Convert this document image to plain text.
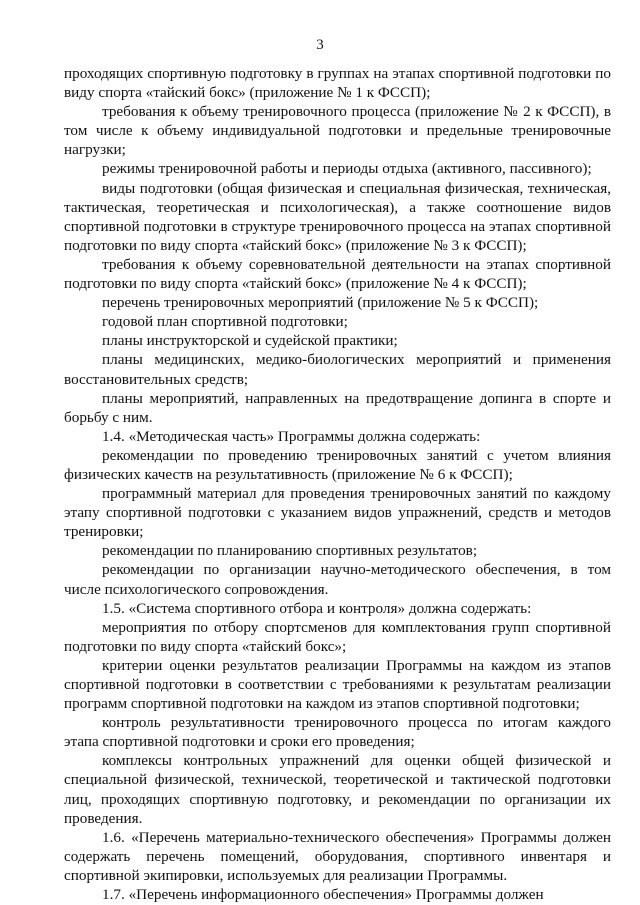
3

проходящих спортивную подготовку в группах на этапах спортивной подготовки по виду спорта «тайский бокс» (приложение № 1 к ФССП);

требования к объему тренировочного процесса (приложение № 2 к ФССП), в том числе к объему индивидуальной подготовки и предельные тренировочные нагрузки;

режимы тренировочной работы и периоды отдыха (активного, пассивного);

виды подготовки (общая физическая и специальная физическая, техническая, тактическая, теоретическая и психологическая), а также соотношение видов спортивной подготовки в структуре тренировочного процесса на этапах спортивной подготовки по виду спорта «тайский бокс» (приложение № 3 к ФССП);

требования к объему соревновательной деятельности на этапах спортивной подготовки по виду спорта «тайский бокс» (приложение № 4 к ФССП);

перечень тренировочных мероприятий (приложение № 5 к ФССП);

годовой план спортивной подготовки;

планы инструкторской и судейской практики;

планы медицинских, медико-биологических мероприятий и применения восстановительных средств;

планы мероприятий, направленных на предотвращение допинга в спорте и борьбу с ним.

1.4. «Методическая часть» Программы должна содержать:

рекомендации по проведению тренировочных занятий с учетом влияния физических качеств на результативность (приложение № 6 к ФССП);

программный материал для проведения тренировочных занятий по каждому этапу спортивной подготовки с указанием видов упражнений, средств и методов тренировки;

рекомендации по планированию спортивных результатов;

рекомендации по организации научно-методического обеспечения, в том числе психологического сопровождения.

1.5. «Система спортивного отбора и контроля» должна содержать:

мероприятия по отбору спортсменов для комплектования групп спортивной подготовки по виду спорта «тайский бокс»;

критерии оценки результатов реализации Программы на каждом из этапов спортивной подготовки в соответствии с требованиями к результатам реализации программ спортивной подготовки на каждом из этапов спортивной подготовки;

контроль результативности тренировочного процесса по итогам каждого этапа спортивной подготовки и сроки его проведения;

комплексы контрольных упражнений для оценки общей физической и специальной физической, технической, теоретической и тактической подготовки лиц, проходящих спортивную подготовку, и рекомендации по организации их проведения.

1.6. «Перечень материально-технического обеспечения» Программы должен содержать перечень помещений, оборудования, спортивного инвентаря и спортивной экипировки, используемых для реализации Программы.

1.7. «Перечень информационного обеспечения» Программы должен
